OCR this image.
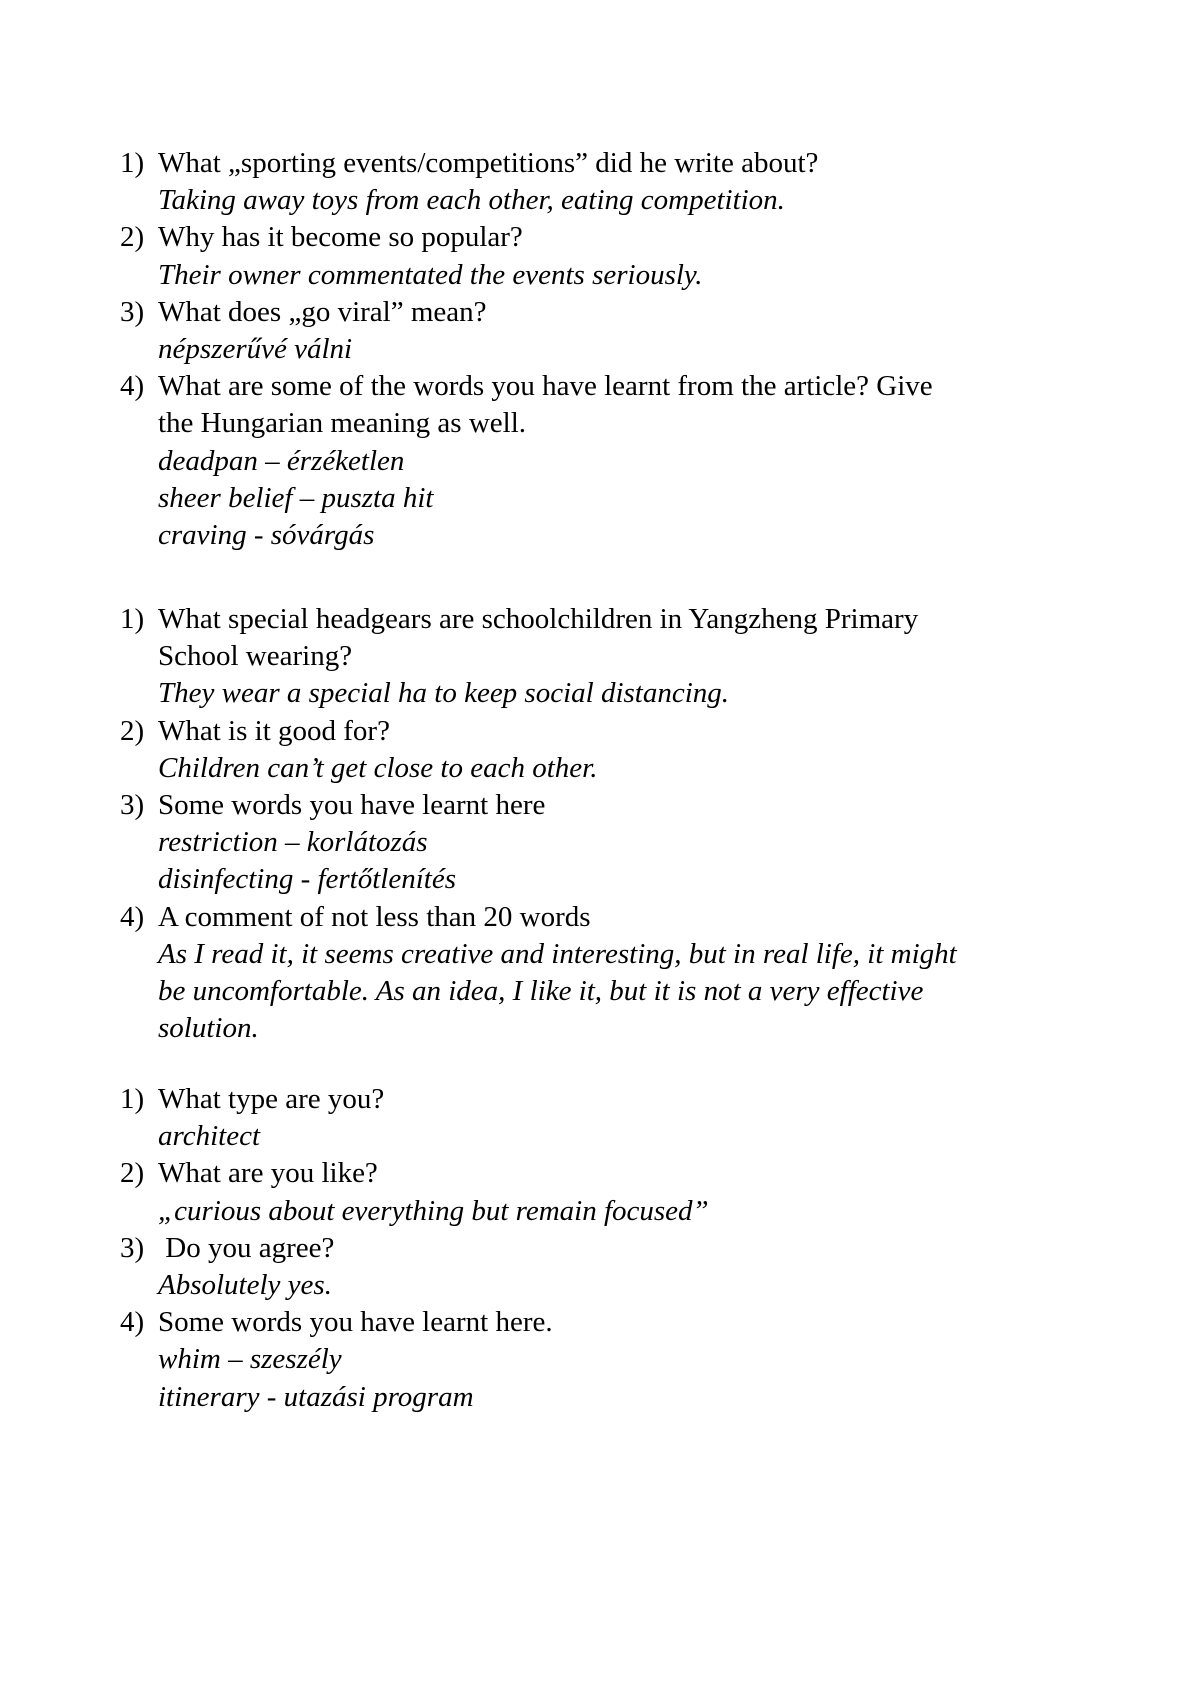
1) What „sporting events/competitions” did he write about?
Taking away toys from each other, eating competition.
2) Why has it become so popular?
Their owner commentated the events seriously.
3) What does „go viral” mean?
népszerűvé válni
4) What are some of the words you have learnt from the article? Give
the Hungarian meaning as well.
deadpan – érzéketlen
sheer belief – puszta hit
craving - sóvárgás
1) What special headgears are schoolchildren in Yangzheng Primary
School wearing?
They wear a special ha to keep social distancing.
2) What is it good for?
Children can’t get close to each other.
3) Some words you have learnt here
restriction – korlátozás
disinfecting - fertőtlenítés
4) A comment of not less than 20 words
As I read it, it seems creative and interesting, but in real life, it might
be uncomfortable. As an idea, I like it, but it is not a very effective
solution.
1) What type are you?
architect
2) What are you like?
„curious about everything but remain focused”
3) Do you agree?
Absolutely yes.
4) Some words you have learnt here.
whim – szeszély
itinerary - utazási program
